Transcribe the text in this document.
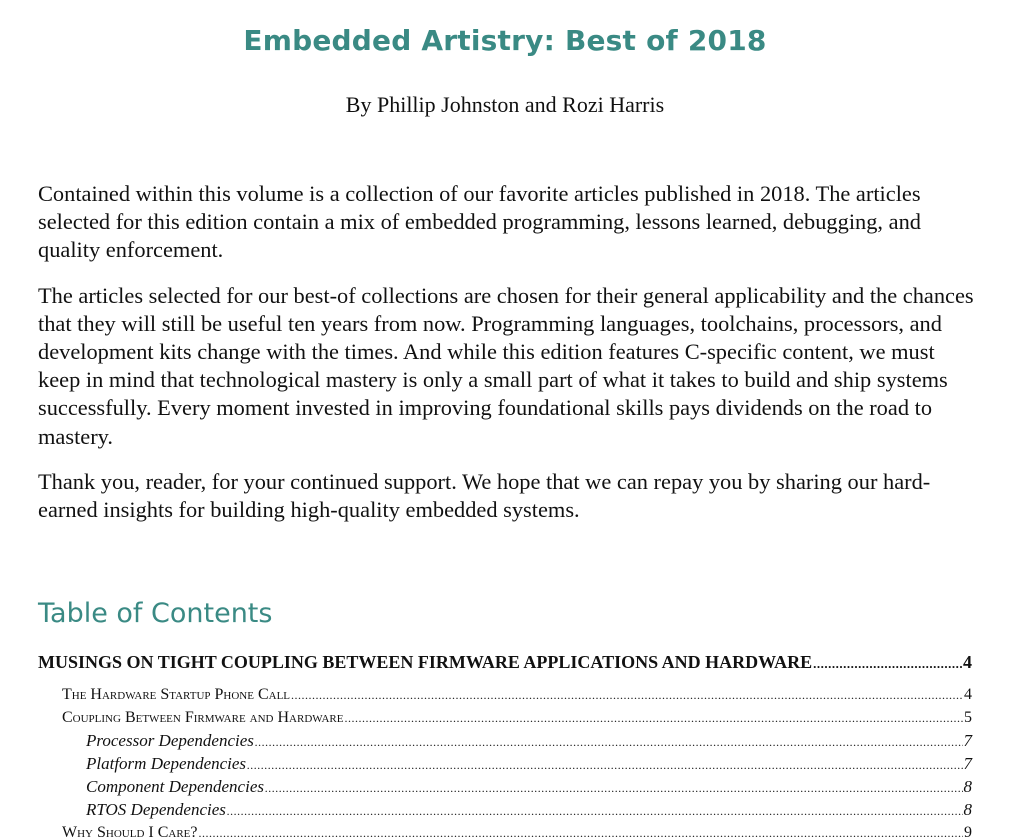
Embedded Artistry: Best of 2018
By Phillip Johnston and Rozi Harris

Contained within this volume is a collection of our favorite articles published in 2018. The articles selected for this edition contain a mix of embedded programming, lessons learned, debugging, and quality enforcement.

The articles selected for our best-of collections are chosen for their general applicability and the chances that they will still be useful ten years from now. Programming languages, toolchains, processors, and development kits change with the times. And while this edition features C-specific content, we must keep in mind that technological mastery is only a small part of what it takes to build and ship systems successfully. Every moment invested in improving foundational skills pays dividends on the road to mastery.

Thank you, reader, for your continued support. We hope that we can repay you by sharing our hard-earned insights for building high-quality embedded systems.

Table of Contents
MUSINGS ON TIGHT COUPLING BETWEEN FIRMWARE APPLICATIONS AND HARDWARE .....	4
The Hardware Startup Phone Call .....	4
Coupling Between Firmware and Hardware .....	5
Processor Dependencies .....	7
Platform Dependencies .....	7
Component Dependencies .....	8
RTOS Dependencies .....	8
Why Should I Care? .....	9
